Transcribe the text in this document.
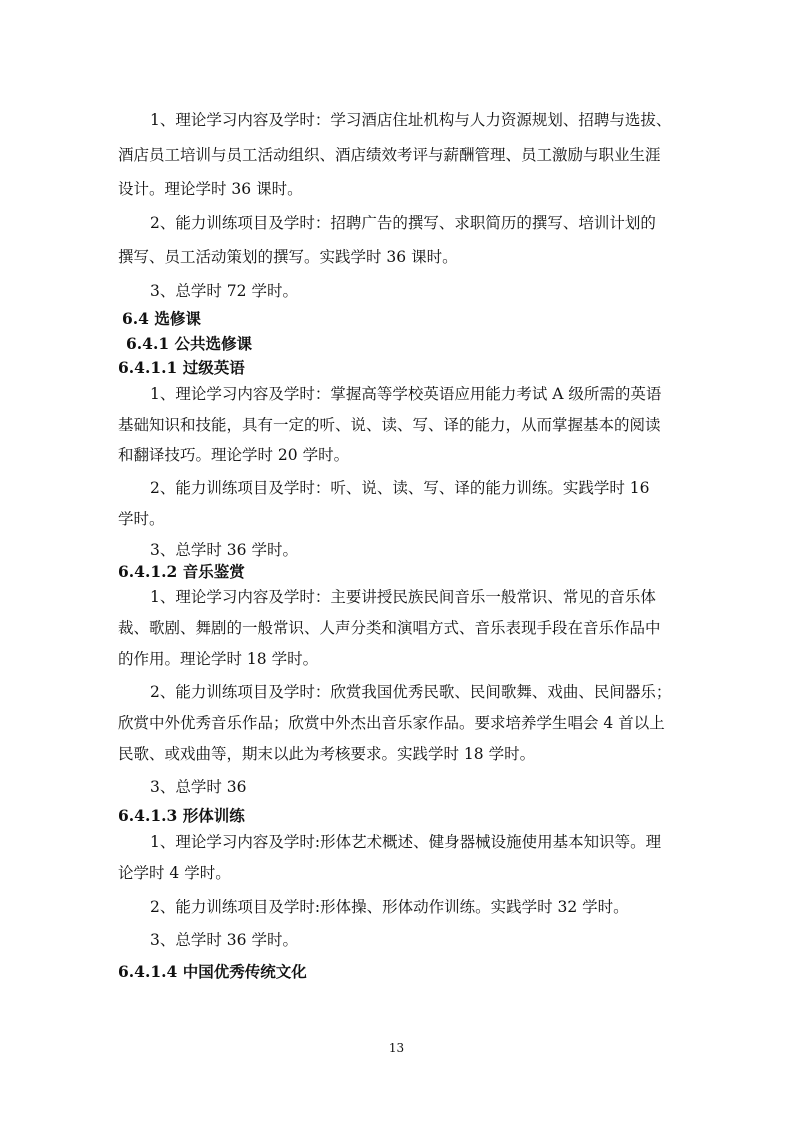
1、理论学习内容及学时：学习酒店住址机构与人力资源规划、招聘与选拔、
酒店员工培训与员工活动组织、酒店绩效考评与薪酬管理、员工激励与职业生涯
设计。理论学时 36 课时。
2、能力训练项目及学时：招聘广告的撰写、求职简历的撰写、培训计划的
撰写、员工活动策划的撰写。实践学时 36 课时。
3、总学时 72 学时。
6.4 选修课
6.4.1 公共选修课
6.4.1.1 过级英语
1、理论学习内容及学时：掌握高等学校英语应用能力考试 A 级所需的英语
基础知识和技能，具有一定的听、说、读、写、译的能力，从而掌握基本的阅读
和翻译技巧。理论学时 20 学时。
2、能力训练项目及学时：听、说、读、写、译的能力训练。实践学时 16
学时。
3、总学时 36 学时。
6.4.1.2 音乐鉴赏
1、理论学习内容及学时：主要讲授民族民间音乐一般常识、常见的音乐体
裁、歌剧、舞剧的一般常识、人声分类和演唱方式、音乐表现手段在音乐作品中
的作用。理论学时 18 学时。
2、能力训练项目及学时：欣赏我国优秀民歌、民间歌舞、戏曲、民间器乐；
欣赏中外优秀音乐作品；欣赏中外杰出音乐家作品。要求培养学生唱会 4 首以上
民歌、或戏曲等，期末以此为考核要求。实践学时 18 学时。
3、总学时 36
6.4.1.3 形体训练
1、理论学习内容及学时:形体艺术概述、健身器械设施使用基本知识等。理
论学时 4 学时。
2、能力训练项目及学时:形体操、形体动作训练。实践学时 32 学时。
3、总学时 36 学时。
6.4.1.4 中国优秀传统文化
13
